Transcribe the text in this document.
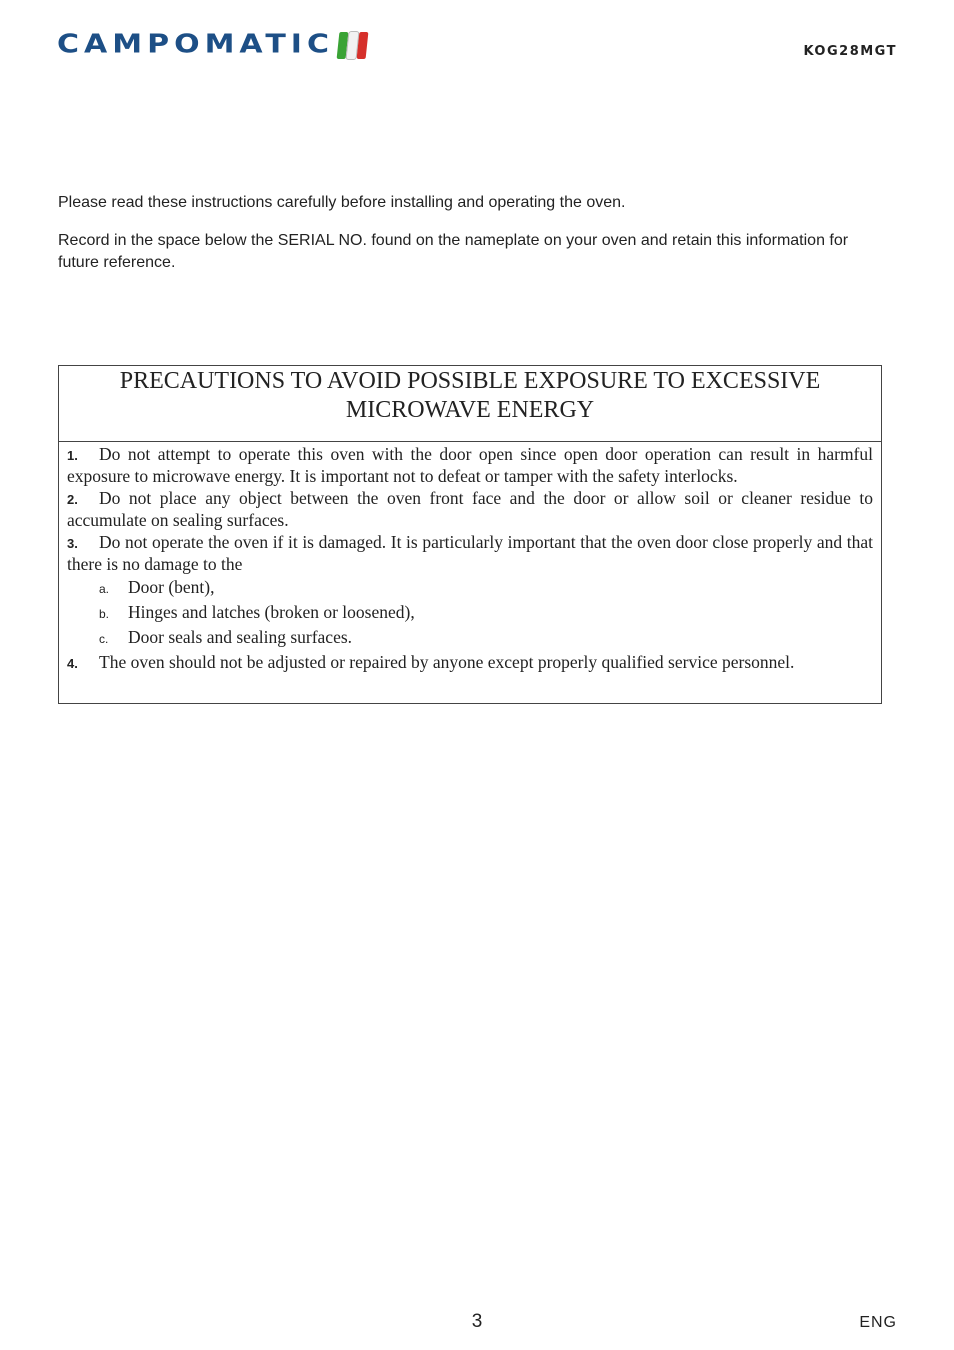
CAMPOMATIC	KOG28MGT

Please read these instructions carefully before installing and operating the oven.

Record in the space below the SERIAL NO. found on the nameplate on your oven and retain this information for future reference.

PRECAUTIONS TO AVOID POSSIBLE EXPOSURE TO EXCESSIVE
MICROWAVE ENERGY
1. Do not attempt to operate this oven with the door open since open door operation can result in harmful exposure to microwave energy. It is important not to defeat or tamper with the safety interlocks.
2. Do not place any object between the oven front face and the door or allow soil or cleaner residue to accumulate on sealing surfaces.
3. Do not operate the oven if it is damaged. It is particularly important that the oven door close properly and that there is no damage to the
a. Door (bent),
b. Hinges and latches (broken or loosened),
c. Door seals and sealing surfaces.
4. The oven should not be adjusted or repaired by anyone except properly qualified service personnel.
3	ENG
